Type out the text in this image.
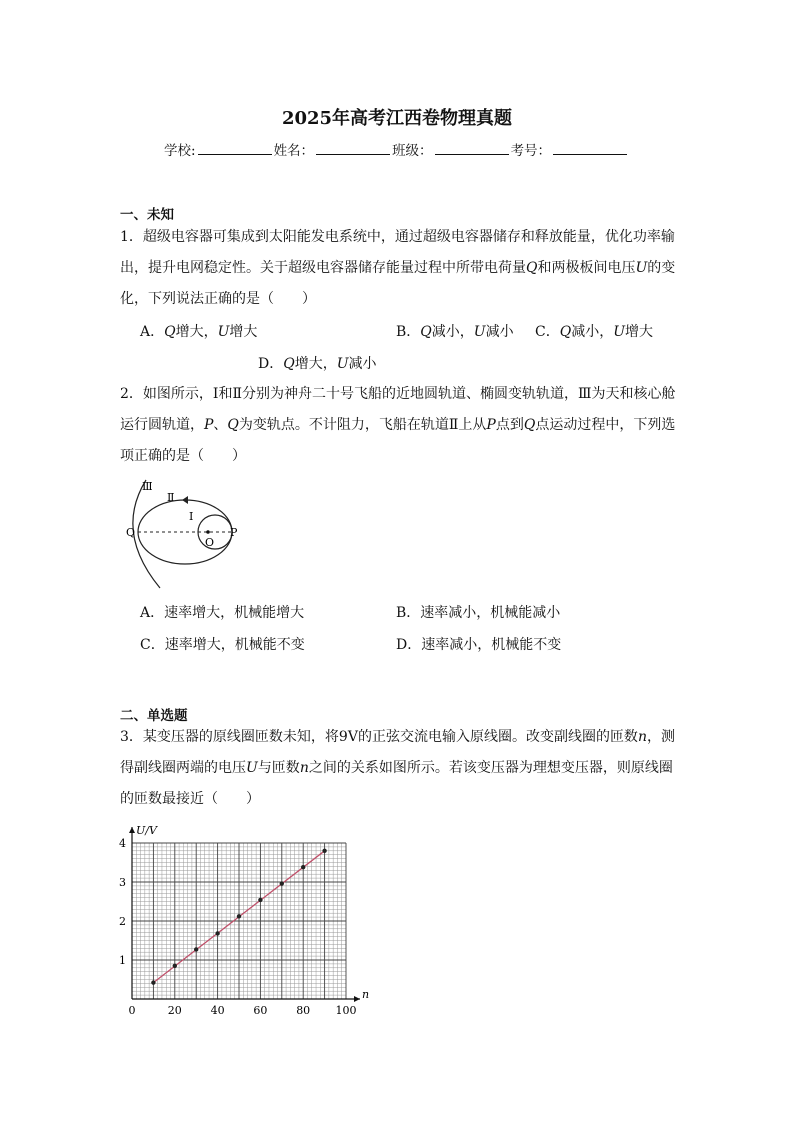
2025年高考江西卷物理真题
学校:	姓名：	班级：	考号：
一、未知
1．超级电容器可集成到太阳能发电系统中，通过超级电容器储存和释放能量，优化功率输出，提升电网稳定性。关于超级电容器储存能量过程中所带电荷量Q和两极板间电压U的变化，下列说法正确的是（　　）
A．Q增大，U增大	B．Q减小，U减小 C．Q减小，U增大
D．Q增大，U减小
2．如图所示，Ⅰ和Ⅱ分别为神舟二十号飞船的近地圆轨道、椭圆变轨轨道，Ⅲ为天和核心舱运行圆轨道，P、Q为变轨点。不计阻力，飞船在轨道Ⅱ上从P点到Q点运动过程中，下列选项正确的是（　　）
Ⅲ
Ⅱ
I
Q
O
P
A．速率增大，机械能增大	B．速率减小，机械能减小
C．速率增大，机械能不变	D．速率减小，机械能不变
二、单选题
3．某变压器的原线圈匝数未知，将9V的正弦交流电输入原线圈。改变副线圈的匝数n，测得副线圈两端的电压U与匝数n之间的关系如图所示。若该变压器为理想变压器，则原线圈的匝数最接近（　　）
0	20	40	60	80 100
1
2
3
4
U/V
n
